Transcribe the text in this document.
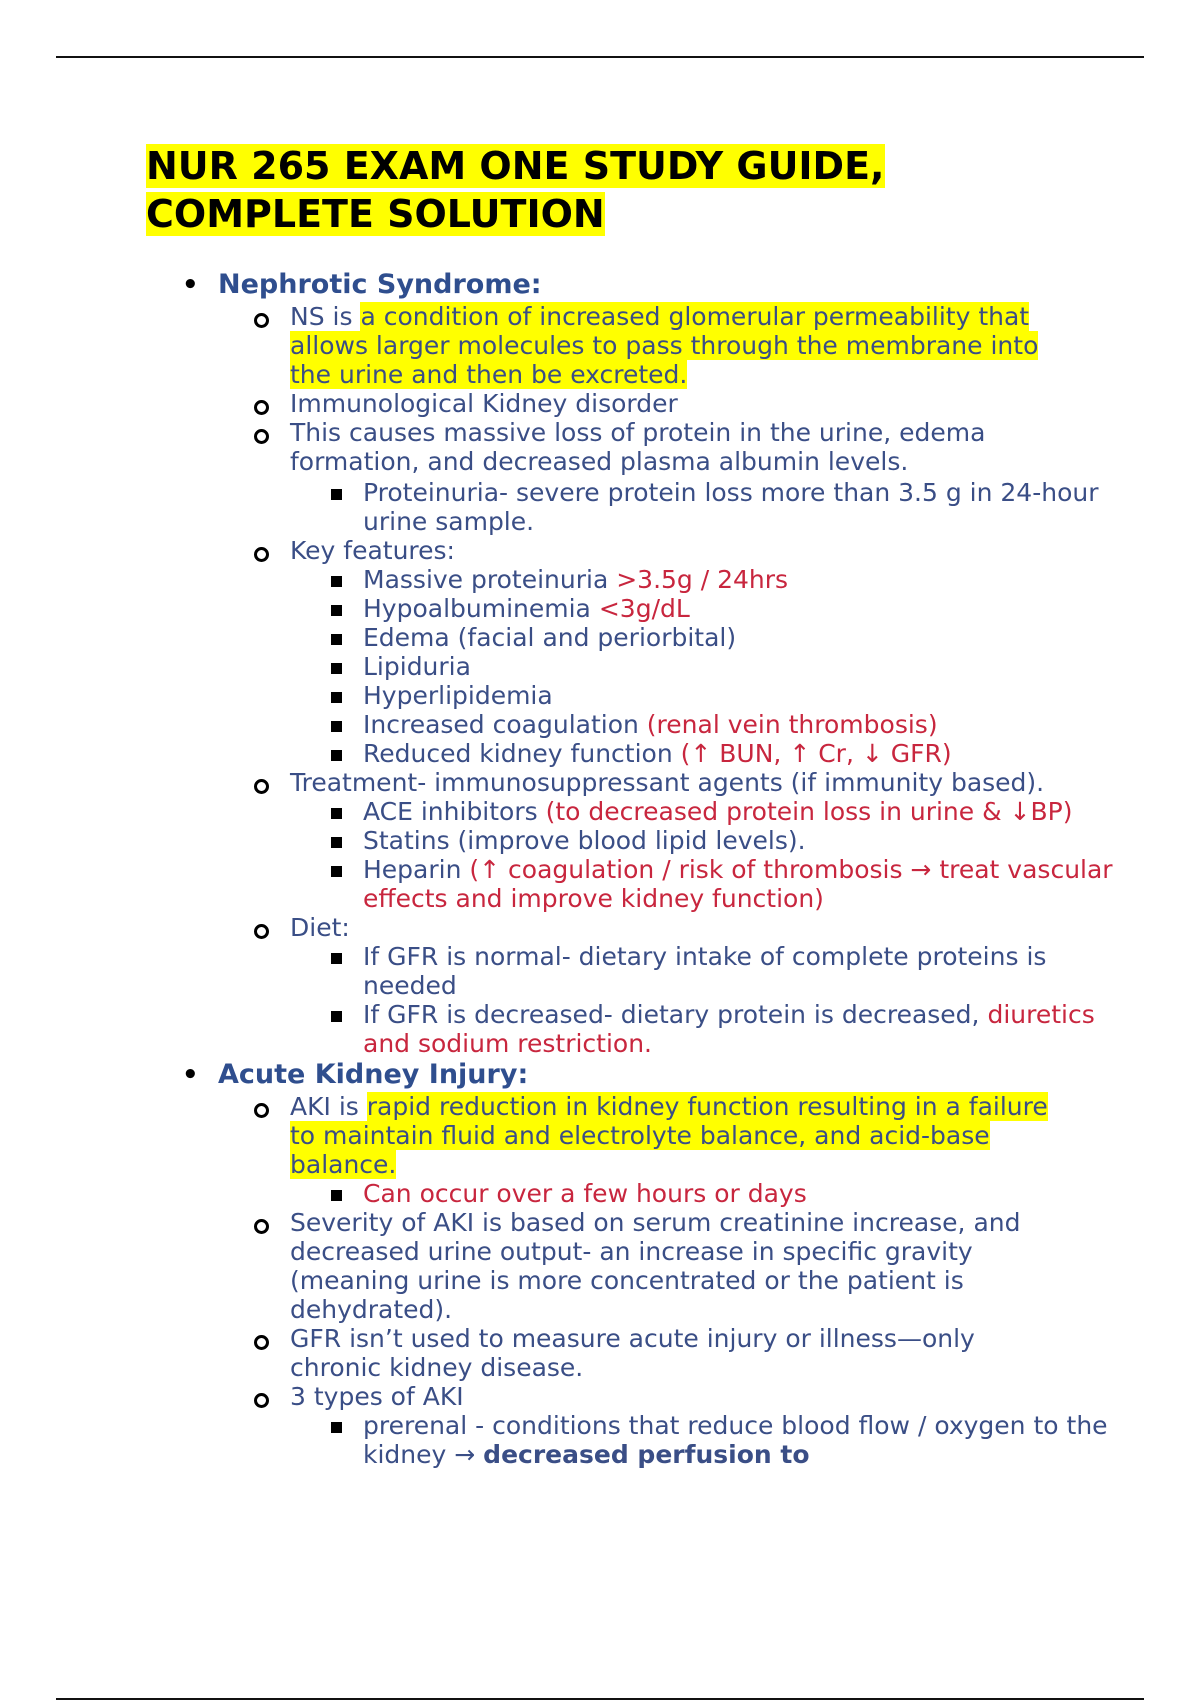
NUR 265 EXAM ONE STUDY GUIDE,
COMPLETE SOLUTION
• Nephrotic Syndrome:
NS is a condition of increased glomerular permeability that allows larger molecules to pass through the membrane into the urine and then be excreted.
Immunological Kidney disorder
This causes massive loss of protein in the urine, edema formation, and decreased plasma albumin levels.
Proteinuria- severe protein loss more than 3.5 g in 24-hour urine sample.
Key features:
Massive proteinuria >3.5g / 24hrs
Hypoalbuminemia <3g/dL
Edema (facial and periorbital)
Lipiduria
Hyperlipidemia
Increased coagulation (renal vein thrombosis)
Reduced kidney function (↑ BUN, ↑ Cr, ↓ GFR)
Treatment- immunosuppressant agents (if immunity based).
ACE inhibitors (to decreased protein loss in urine & ↓BP)
Statins (improve blood lipid levels).
Heparin (↑ coagulation / risk of thrombosis → treat vascular effects and improve kidney function)
Diet:
If GFR is normal- dietary intake of complete proteins is needed
If GFR is decreased- dietary protein is decreased, diuretics and sodium restriction.
• Acute Kidney Injury:
AKI is rapid reduction in kidney function resulting in a failure to maintain fluid and electrolyte balance, and acid-base balance.
Can occur over a few hours or days
Severity of AKI is based on serum creatinine increase, and decreased urine output- an increase in specific gravity (meaning urine is more concentrated or the patient is dehydrated).
GFR isn’t used to measure acute injury or illness—only chronic kidney disease.
3 types of AKI
prerenal - conditions that reduce blood flow / oxygen to the kidney → decreased perfusion to
